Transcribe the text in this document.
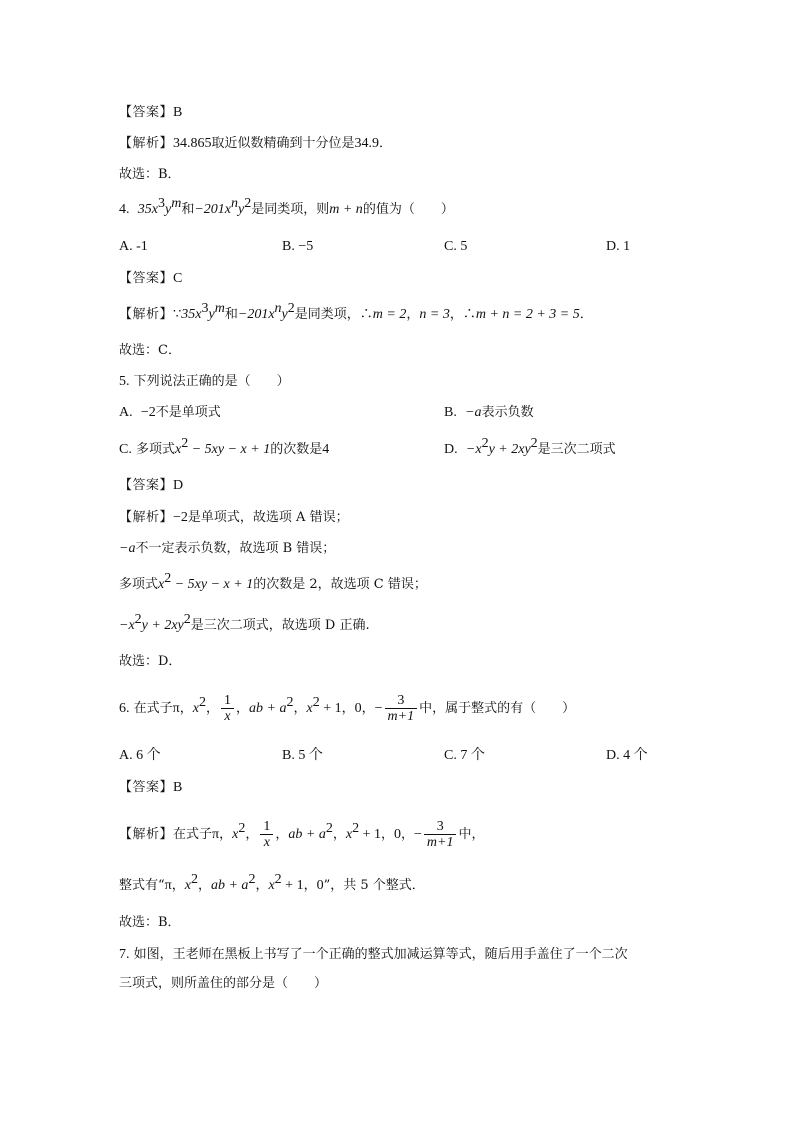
【答案】B
【解析】34.865取近似数精确到十分位是34.9．
故选：B．
4. $35x^3y^m$和$-201x^ny^2$是同类项，则m + n的值为（　　）
A. -1	B. −5	C. 5	D. 1
【答案】C
【解析】$\because 35x^3y^m$和$-201x^ny^2$是同类项，∴m = 2，n = 3，∴m + n = 2 + 3 = 5．
故选：C．
5. 下列说法正确的是（　　）
A. −2不是单项式	B. −a表示负数
C. 多项式$x^2 - 5xy - x + 1$的次数是4	D. $-x^2y + 2xy^2$是三次二项式
【答案】D
【解析】−2是单项式，故选项 A 错误；
−a不一定表示负数，故选项 B 错误；
多项式$x^2 - 5xy - x + 1$的次数是 2，故选项 C 错误；
$-x^2y + 2xy^2$是三次二项式，故选项 D 正确.
故选：D．
6. 在式子π，$x^2$， $\frac{1}{x}$ ，ab + $a^2$，$x^2 + 1$，0，− $\frac{3}{m+1}$ 中，属于整式的有（　　）
A. 6 个	B. 5 个	C. 7 个	D. 4 个
【答案】B
【解析】在式子π，$x^2$， $\frac{1}{x}$ ，ab + $a^2$，$x^2 + 1$，0，− $\frac{3}{m+1}$ 中，
整式有“π，$x^2$，ab + $a^2$，$x^2 + 1$，0”，共 5 个整式．
故选：B．
7. 如图，王老师在黑板上书写了一个正确的整式加减运算等式，随后用手盖住了一个二次
三项式，则所盖住的部分是（　　）
